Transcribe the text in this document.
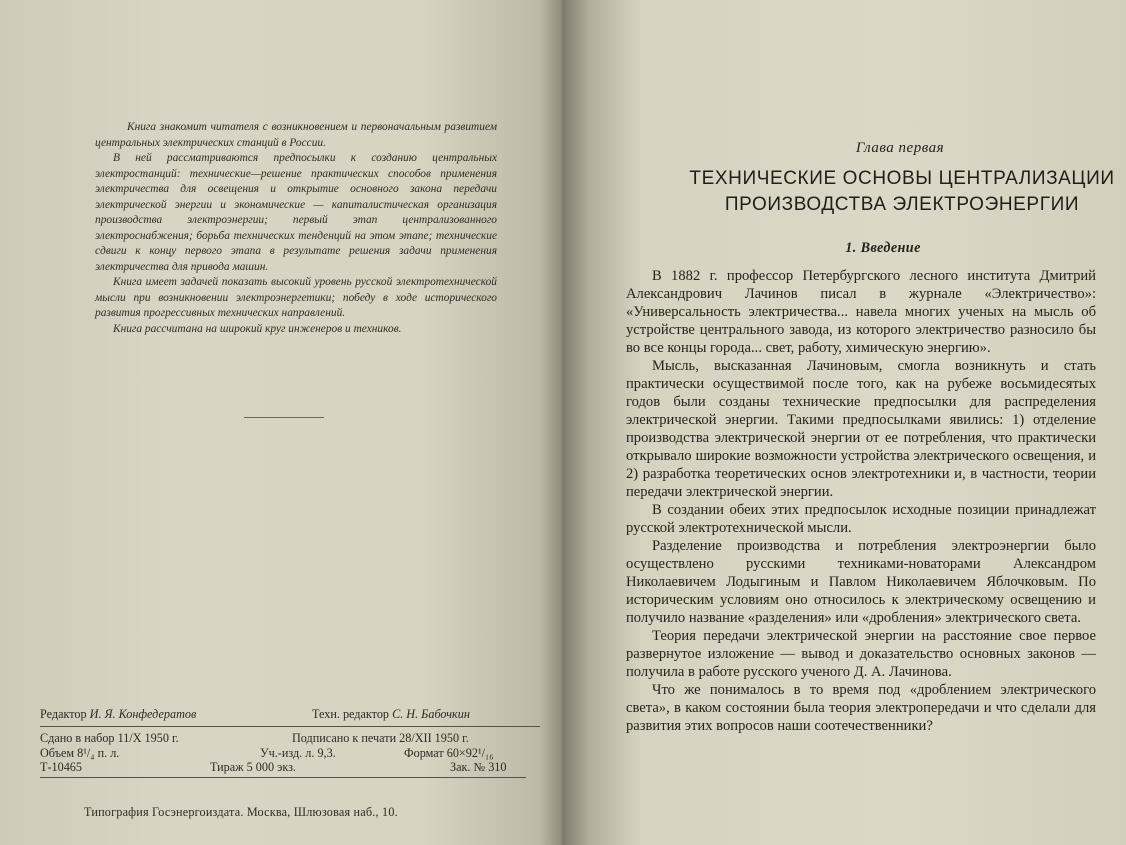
Книга знакомит читателя с возникновением и первоначальным развитием центральных электрических станций в России.

В ней рассматриваются предпосылки к созданию центральных электростанций: технические—решение практических способов применения электричества для освещения и открытие основного закона передачи электрической энергии и экономические — капиталистическая организация производства электроэнергии; первый этап централизованного электроснабжения; борьба технических тенденций на этом этапе; технические сдвиги к концу первого этапа в результате решения задачи применения электричества для привода машин.

Книга имеет задачей показать высокий уровень русской электротехнической мысли при возникновении электроэнергетики; победу в ходе исторического развития прогрессивных технических направлений.

Книга рассчитана на широкий круг инженеров и техников.

Редактор И. Я. Конфедератов	Техн. редактор С. Н. Бабочкин
Сдано в набор 11/X 1950 г.	Подписано к печати 28/XII 1950 г.
Объем 8¹/₄ п. л.	Уч.-изд. л. 9,3.	Формат 60×92¹/₁₆
Т-10465	Тираж 5 000 экз.	Зак. № 310
Типография Госэнергоиздата. Москва, Шлюзовая наб., 10.
Глава первая
ТЕХНИЧЕСКИЕ ОСНОВЫ ЦЕНТРАЛИЗАЦИИ
ПРОИЗВОДСТВА ЭЛЕКТРОЭНЕРГИИ
1. Введение

В 1882 г. профессор Петербургского лесного института Дмитрий Александрович Лачинов писал в журнале «Электричество»: «Универсальность электричества... навела многих ученых на мысль об устройстве центрального завода, из которого электричество разносило бы во все концы города... свет, работу, химическую энергию».

Мысль, высказанная Лачиновым, смогла возникнуть и стать практически осуществимой после того, как на рубеже восьмидесятых годов были созданы технические предпосылки для распределения электрической энергии. Такими предпосылками явились: 1) отделение производства электрической энергии от ее потребления, что практически открывало широкие возможности устройства электрического освещения, и 2) разработка теоретических основ электротехники и, в частности, теории передачи электрической энергии.

В создании обеих этих предпосылок исходные позиции принадлежат русской электротехнической мысли.

Разделение производства и потребления электроэнергии было осуществлено русскими техниками-новаторами Александром Николаевичем Лодыгиным и Павлом Николаевичем Яблочковым. По историческим условиям оно относилось к электрическому освещению и получило название «разделения» или «дробления» электрического света.

Теория передачи электрической энергии на расстояние свое первое развернутое изложение — вывод и доказательство основных законов — получила в работе русского ученого Д. А. Лачинова.

Что же понималось в то время под «дроблением электрического света», в каком состоянии была теория электропередачи и что сделали для развития этих вопросов наши соотечественники?
